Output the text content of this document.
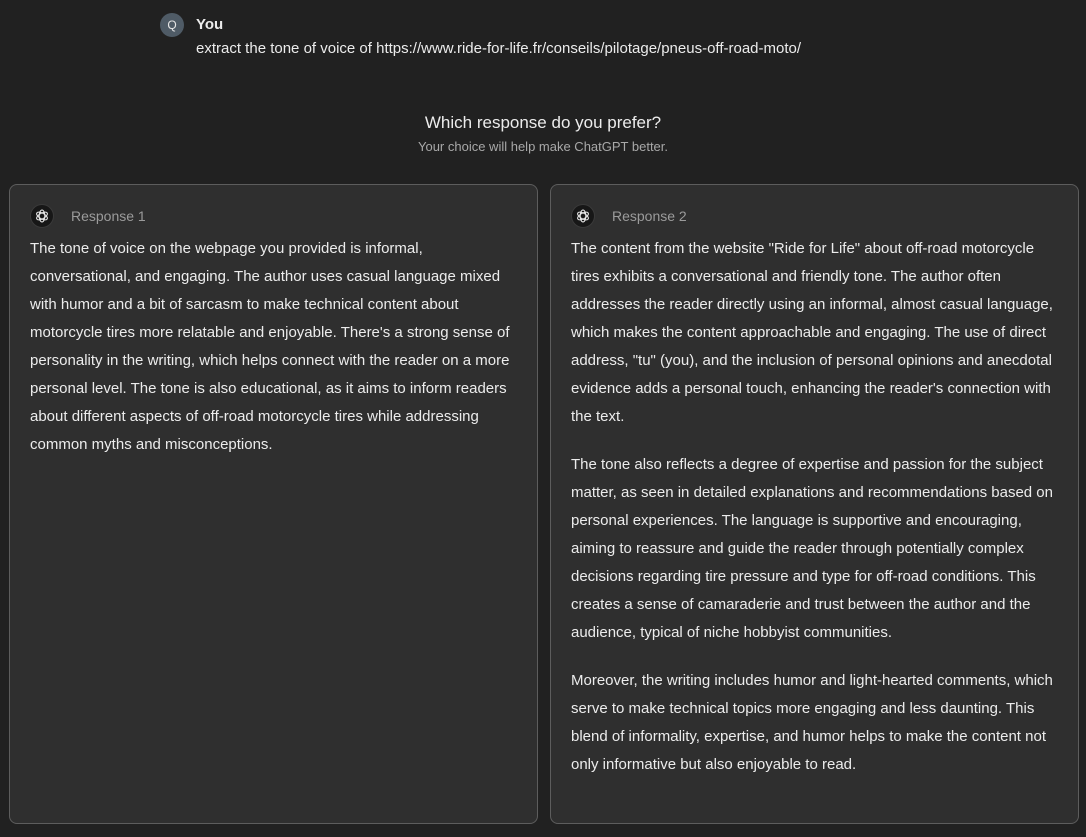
Q	You
extract the tone of voice of https://www.ride-for-life.fr/conseils/pilotage/pneus-off-road-moto/
Which response do you prefer?
Your choice will help make ChatGPT better.
Response 1

The tone of voice on the webpage you provided is informal, conversational, and engaging. The author uses casual language mixed with humor and a bit of sarcasm to make technical content about motorcycle tires more relatable and enjoyable. There's a strong sense of personality in the writing, which helps connect with the reader on a more personal level. The tone is also educational, as it aims to inform readers about different aspects of off-road motorcycle tires while addressing common myths and misconceptions.

Response 2

The content from the website "Ride for Life" about off-road motorcycle tires exhibits a conversational and friendly tone. The author often addresses the reader directly using an informal, almost casual language, which makes the content approachable and engaging. The use of direct address, "tu" (you), and the inclusion of personal opinions and anecdotal evidence adds a personal touch, enhancing the reader's connection with the text.

The tone also reflects a degree of expertise and passion for the subject matter, as seen in detailed explanations and recommendations based on personal experiences. The language is supportive and encouraging, aiming to reassure and guide the reader through potentially complex decisions regarding tire pressure and type for off-road conditions. This creates a sense of camaraderie and trust between the author and the audience, typical of niche hobbyist communities.

Moreover, the writing includes humor and light-hearted comments, which serve to make technical topics more engaging and less daunting. This blend of informality, expertise, and humor helps to make the content not only informative but also enjoyable to read.
